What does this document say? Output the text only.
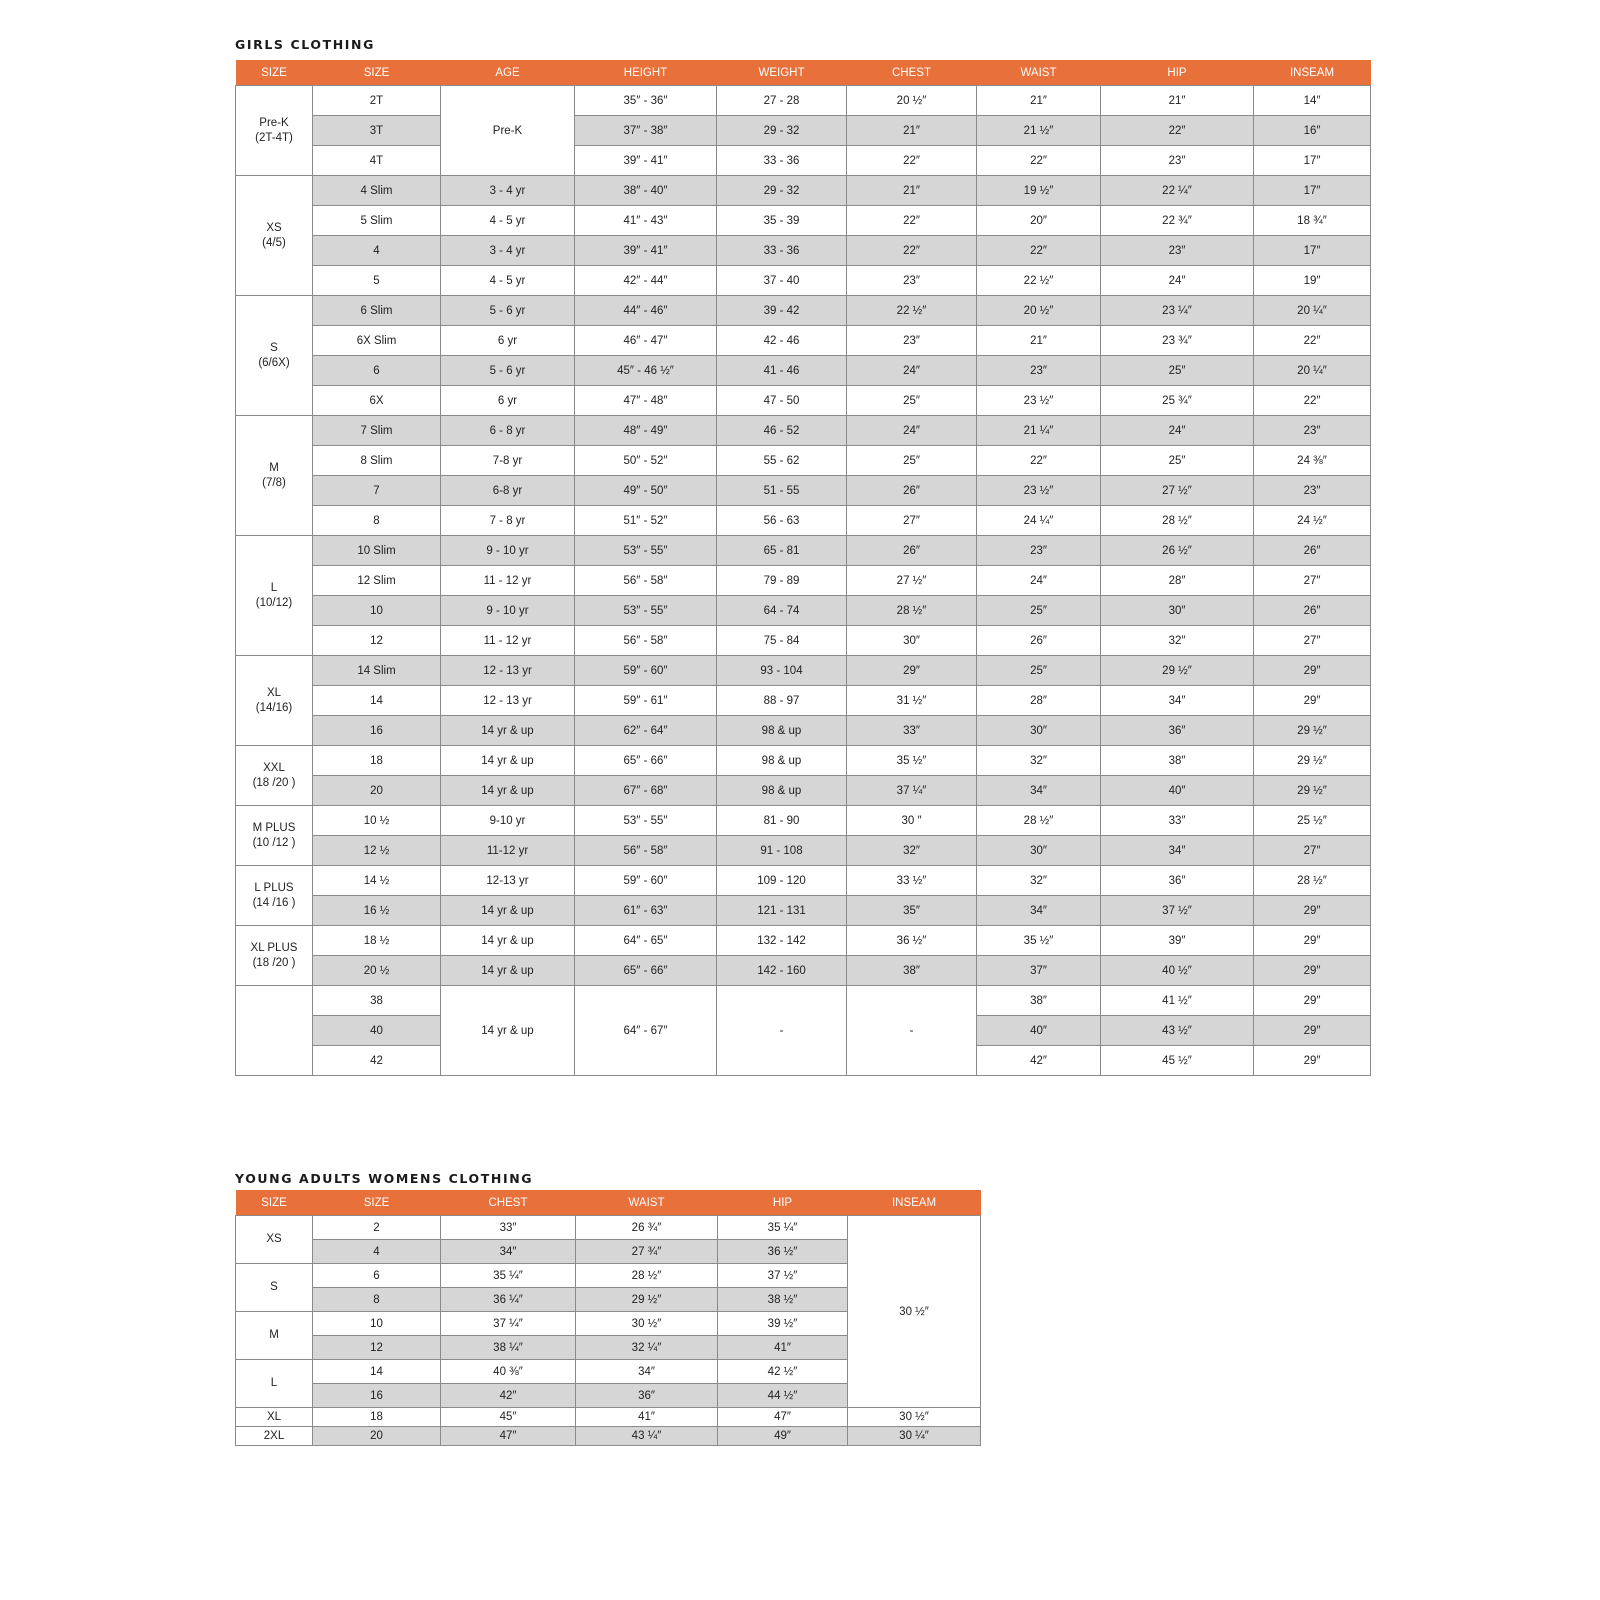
GIRLS CLOTHING
SIZE	SIZE	AGE	HEIGHT	WEIGHT	CHEST	WAIST	HIP	INSEAM
Pre-K
(2T-4T)	2T	Pre-K	35″ - 36″	27 - 28	20 ½″	21″	21″	14″
	3T		37″ - 38″	29 - 32	21″	21 ½″	22″	16″
	4T		39″ - 41″	33 - 36	22″	22″	23″	17″
XS
(4/5)	4 Slim	3 - 4 yr	38″ - 40″	29 - 32	21″	19 ½″	22 ¼″	17″
	5 Slim	4 - 5 yr	41″ - 43″	35 - 39	22″	20″	22 ¾″	18 ¾″
	4	3 - 4 yr	39″ - 41″	33 - 36	22″	22″	23″	17″
	5	4 - 5 yr	42″ - 44″	37 - 40	23″	22 ½″	24″	19″
S
(6/6X)	6 Slim	5 - 6 yr	44″ - 46″	39 - 42	22 ½″	20 ½″	23 ¼″	20 ¼″
	6X Slim	6 yr	46″ - 47″	42 - 46	23″	21″	23 ¾″	22″
	6	5 - 6 yr	45″ - 46 ½″	41 - 46	24″	23″	25″	20 ¼″
	6X	6 yr	47″ - 48″	47 - 50	25″	23 ½″	25 ¾″	22″
M
(7/8)	7 Slim	6 - 8 yr	48″ - 49″	46 - 52	24″	21 ¼″	24″	23″
	8 Slim	7-8 yr	50″ - 52″	55 - 62	25″	22″	25″	24 ⅜″
	7	6-8 yr	49″ - 50″	51 - 55	26″	23 ½″	27 ½″	23″
	8	7 - 8 yr	51″ - 52″	56 - 63	27″	24 ¼″	28 ½″	24 ½″
L
(10/12)	10 Slim	9 - 10 yr	53″ - 55″	65 - 81	26″	23″	26 ½″	26″
	12 Slim	11 - 12 yr	56″ - 58″	79 - 89	27 ½″	24″	28″	27″
	10	9 - 10 yr	53″ - 55″	64 - 74	28 ½″	25″	30″	26″
	12	11 - 12 yr	56″ - 58″	75 - 84	30″	26″	32″	27″
XL
(14/16)	14 Slim	12 - 13 yr	59″ - 60″	93 - 104	29″	25″	29 ½″	29″
	14	12 - 13 yr	59″ - 61″	88 - 97	31 ½″	28″	34″	29″
	16	14 yr & up	62″ - 64″	98 & up	33″	30″	36″	29 ½″
XXL
(18 /20 )	18	14 yr & up	65″ - 66″	98 & up	35 ½″	32″	38″	29 ½″
	20	14 yr & up	67″ - 68″	98 & up	37 ¼″	34″	40″	29 ½″
M PLUS
(10 /12 )	10 ½	9-10 yr	53″ - 55″	81 - 90	30 ″	28 ½″	33″	25 ½″
	12 ½	11-12 yr	56″ - 58″	91 - 108	32″	30″	34″	27″
L PLUS
(14 /16 )	14 ½	12-13 yr	59″ - 60″	109 - 120	33 ½″	32″	36″	28 ½″
	16 ½	14 yr & up	61″ - 63″	121 - 131	35″	34″	37 ½″	29″
XL PLUS
(18 /20 )	18 ½	14 yr & up	64″ - 65″	132 - 142	36 ½″	35 ½″	39″	29″
	20 ½	14 yr & up	65″ - 66″	142 - 160	38″	37″	40 ½″	29″

	38	14 yr & up	64″ - 67″	-	-	38″	41 ½″	29″
	40					40″	43 ½″	29″
	42					42″	45 ½″	29″
YOUNG ADULTS WOMENS CLOTHING
SIZE	SIZE	CHEST	WAIST	HIP	INSEAM
XS	2	33″	26 ¾″	35 ¼″	30 ½″
	4	34″	27 ¾″	36 ½″	
S	6	35 ¼″	28 ½″	37 ½″	
	8	36 ¼″	29 ½″	38 ½″	
M	10	37 ¼″	30 ½″	39 ½″	
	12	38 ¼″	32 ¼″	41″	
L	14	40 ⅜″	34″	42 ½″	
	16	42″	36″	44 ½″	
XL	18	45″	41″	47″	30 ½″
2XL	20	47″	43 ¼″	49″	30 ¼″
